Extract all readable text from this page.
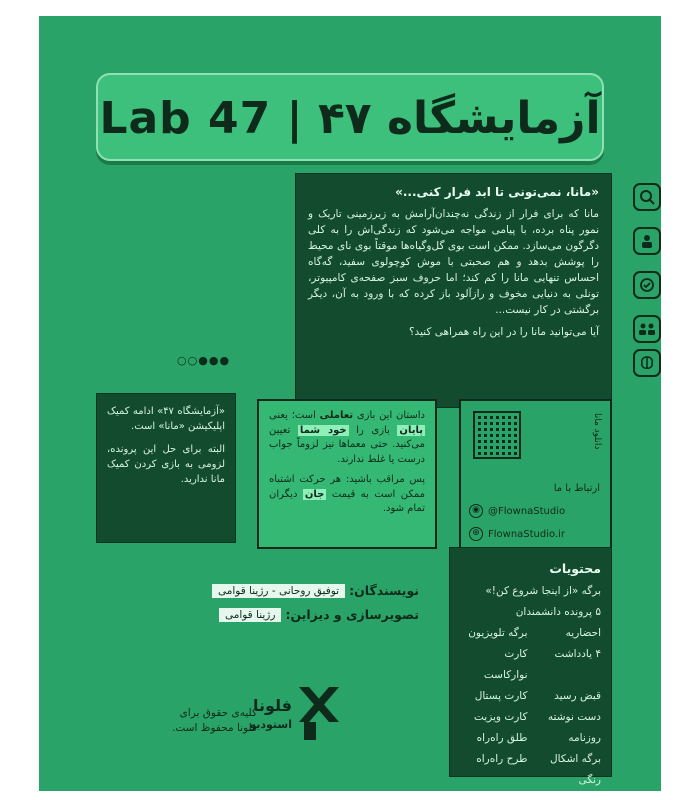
آزمایشگاه ۴۷ | Lab 47
●●●○○
«مانا، نمی‌تونی تا ابد فرار کنی...»
مانا که برای فرار از زندگی نه‌چندان‌آرامش به زیرزمینی تاریک و نمور پناه برده، با پیامی مواجه می‌شود که زندگی‌اش را به کلی دگرگون می‌سازد. ممکن است بوی گل‌وگیاه‌ها موقتاً بوی نای محیط را پوشش بدهد و هم صحبتی با موش کوچولوی سفید، گه‌گاه احساس تنهایی مانا را کم کند؛ اما حروف سبز صفحه‌ی کامپیوتر، تونلی به دنیایی مخوف و رازآلود باز کرده که با ورود به آن، دیگر برگشتی در کار نیست...
آیا می‌توانید مانا را در این راه همراهی کنید؟

«آزمایشگاه ۴۷» ادامه کمیک اپلیکیشن «مانا» است.

البته برای حل این پرونده، لزومی به بازی کردن کمیک مانا ندارید.

داستان این بازی تعاملی است؛ یعنی پایان بازی را خود شما تعیین می‌کنید. حتی معماها نیز لزوماً جواب درست یا غلط ندارند.

پس مراقب باشید: هر حرکت اشتباه ممکن است به قیمت جان دیگران تمام شود.

دانلود مانا
ارتباط با ما
◉ @FlownaStudio
⊕ FlownaStudio.ir
نویسندگان:
توفیق روحانی - رژینا قوامی
تصویرسازی و دیزاین:
رژینا قوامی
فلونا
استودیو
کلیه‌ی حقوق برای فلونا محفوظ است.
محتویات
برگه «از اینجا شروع کن!»
۵ پرونده دانشمندان
احضاریه
برگه تلویزیون
۴ یادداشت
کارت نوارکاست
قبض رسید
کارت پستال
دست نوشته
کارت ویزیت
روزنامه
طلق راه‌راه
برگه اشکال رنگی
طرح راه‌راه
